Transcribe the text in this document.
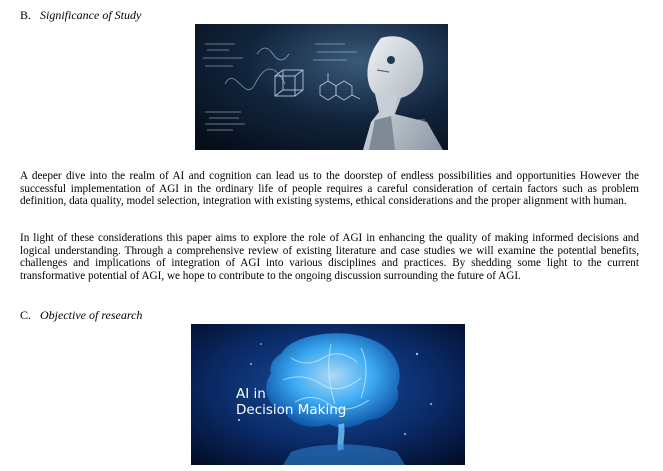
B. Significance of Study
A deeper dive into the realm of AI and cognition can lead us to the doorstep of endless possibilities and opportunities However the successful implementation of AGI in the ordinary life of people requires a careful consideration of certain factors such as problem definition, data quality, model selection, integration with existing systems, ethical considerations and the proper alignment with human.
In light of these considerations this paper aims to explore the role of AGI in enhancing the quality of making informed decisions and logical understanding. Through a comprehensive review of existing literature and case studies we will examine the potential benefits, challenges and implications of integration of AGI into various disciplines and practices. By shedding some light to the current transformative potential of AGI, we hope to contribute to the ongoing discussion surrounding the future of AGI.
C. Objective of research
AI in
Decision Making
